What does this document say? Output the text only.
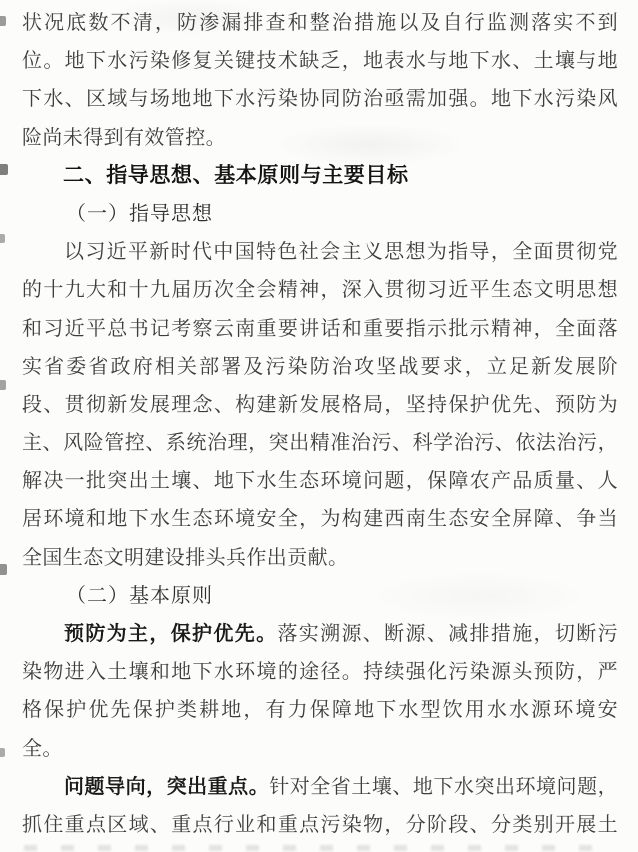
状况底数不清，防渗漏排查和整治措施以及自行监测落实不到
位。地下水污染修复关键技术缺乏，地表水与地下水、土壤与地
下水、区域与场地地下水污染协同防治亟需加强。地下水污染风
险尚未得到有效管控。
二、指导思想、基本原则与主要目标
（一）指导思想
以习近平新时代中国特色社会主义思想为指导，全面贯彻党
的十九大和十九届历次全会精神，深入贯彻习近平生态文明思想
和习近平总书记考察云南重要讲话和重要指示批示精神，全面落
实省委省政府相关部署及污染防治攻坚战要求，立足新发展阶
段、贯彻新发展理念、构建新发展格局，坚持保护优先、预防为
主、风险管控、系统治理，突出精准治污、科学治污、依法治污，
解决一批突出土壤、地下水生态环境问题，保障农产品质量、人
居环境和地下水生态环境安全，为构建西南生态安全屏障、争当
全国生态文明建设排头兵作出贡献。
（二）基本原则
预防为主，保护优先。落实溯源、断源、减排措施，切断污
染物进入土壤和地下水环境的途径。持续强化污染源头预防，严
格保护优先保护类耕地，有力保障地下水型饮用水水源环境安
全。
问题导向，突出重点。针对全省土壤、地下水突出环境问题，
抓住重点区域、重点行业和重点污染物，分阶段、分类别开展土
